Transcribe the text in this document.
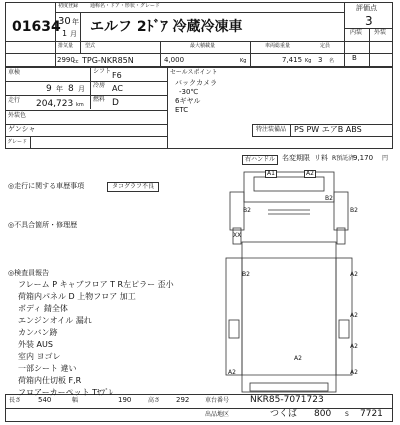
01634
初度登録 通称名・ドア・形状・グレード
30 年
1 月 エルフ 2ﾄﾞｱ 冷蔵冷凍車
評価点
3
内装 外装
B
排気量 型式	最大積載量	車両総重量	定員
2990
cc TPG-NKR85N	4,000	Kg	7,415 Kg 3 名
車検	シフト F6
冷房 AC
9 年 8 月
走行 204,723 km
燃料 D
外装色
ゲンシャ
グレード
セールスポイント
バックカメラ
-30℃
6ギヤル
ETC
特注装備品 PS PW エアB ABS
右ハンドル 名変期限 リ料 R預託済
9,170 円
◎走行に関する車歴事項	タコグラフ不良
◎不具合箇所・修理歴
◎検査員報告
フレーム P キャブフロア T R左ピラー 歪小
荷箱内パネル D 上物フロア 加工
ボディ 錆全体
エンジンオイル 漏れ
カンバン跡
外装 AUS
室内 ヨゴレ
一部シート 違い
荷箱内仕切板 F,R
フロアーカーペット Tﾔﾌﾞﾚ
A1	A2
B2
B2
B2
XX
B2	A2
A2
A2
A2
A2
A2
長さ 540	幅	190	高さ 292	車台番号 NKR85-7071723
出品地区	つくば 800 S 7721
